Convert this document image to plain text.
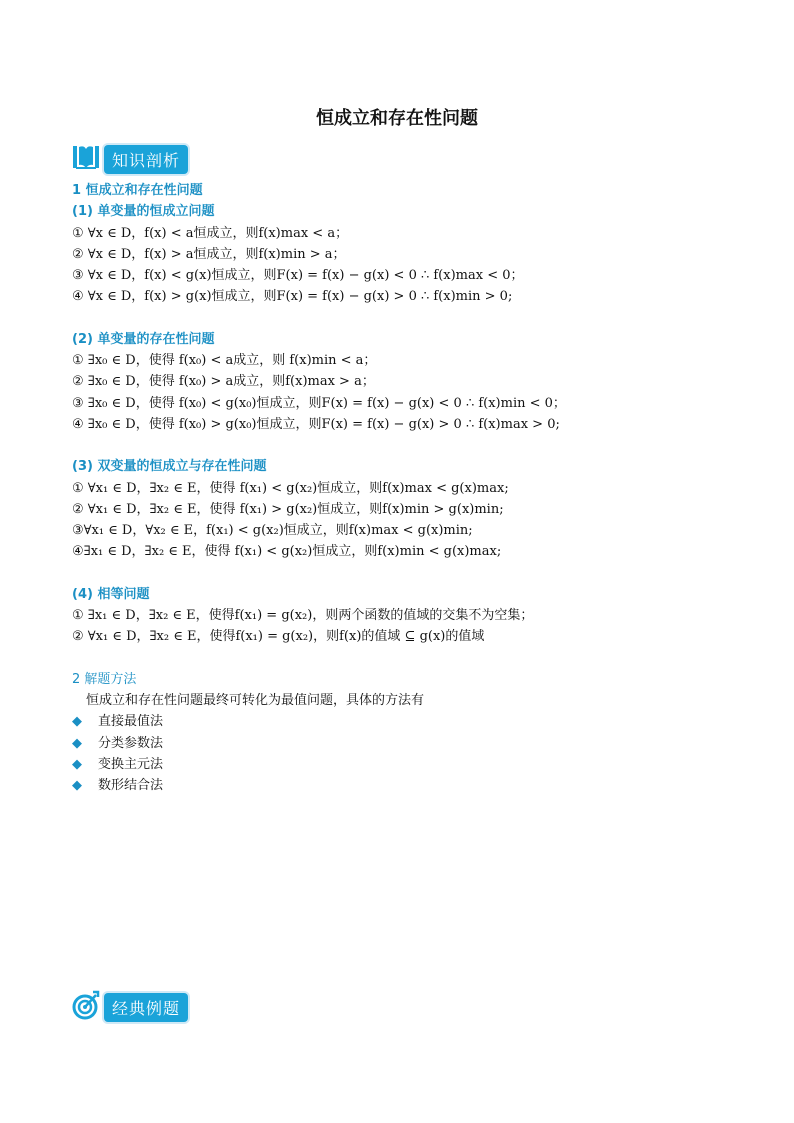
恒成立和存在性问题
知识剖析
1 恒成立和存在性问题
(1) 单变量的恒成立问题
① ∀x ∈ D，f(x) < a恒成立，则f(x)max < a；
② ∀x ∈ D，f(x) > a恒成立，则f(x)min > a；
③ ∀x ∈ D，f(x) < g(x)恒成立，则F(x) = f(x) − g(x) < 0 ∴ f(x)max < 0；
④ ∀x ∈ D，f(x) > g(x)恒成立，则F(x) = f(x) − g(x) > 0 ∴ f(x)min > 0;
(2) 单变量的存在性问题
① ∃x₀ ∈ D，使得 f(x₀) < a成立，则 f(x)min < a；
② ∃x₀ ∈ D，使得 f(x₀) > a成立，则f(x)max > a；
③ ∃x₀ ∈ D，使得 f(x₀) < g(x₀)恒成立，则F(x) = f(x) − g(x) < 0 ∴ f(x)min < 0；
④ ∃x₀ ∈ D，使得 f(x₀) > g(x₀)恒成立，则F(x) = f(x) − g(x) > 0 ∴ f(x)max > 0;
(3) 双变量的恒成立与存在性问题
① ∀x₁ ∈ D，∃x₂ ∈ E，使得 f(x₁) < g(x₂)恒成立，则f(x)max < g(x)max;
② ∀x₁ ∈ D，∃x₂ ∈ E，使得 f(x₁) > g(x₂)恒成立，则f(x)min > g(x)min;
③∀x₁ ∈ D，∀x₂ ∈ E，f(x₁) < g(x₂)恒成立，则f(x)max < g(x)min;
④∃x₁ ∈ D，∃x₂ ∈ E，使得 f(x₁) < g(x₂)恒成立，则f(x)min < g(x)max;
(4) 相等问题
① ∃x₁ ∈ D，∃x₂ ∈ E，使得f(x₁) = g(x₂)，则两个函数的值域的交集不为空集；
② ∀x₁ ∈ D，∃x₂ ∈ E，使得f(x₁) = g(x₂)，则f(x)的值域 ⊆ g(x)的值域
2 解题方法
恒成立和存在性问题最终可转化为最值问题，具体的方法有
◆ 直接最值法
◆ 分类参数法
◆ 变换主元法
◆ 数形结合法
经典例题
